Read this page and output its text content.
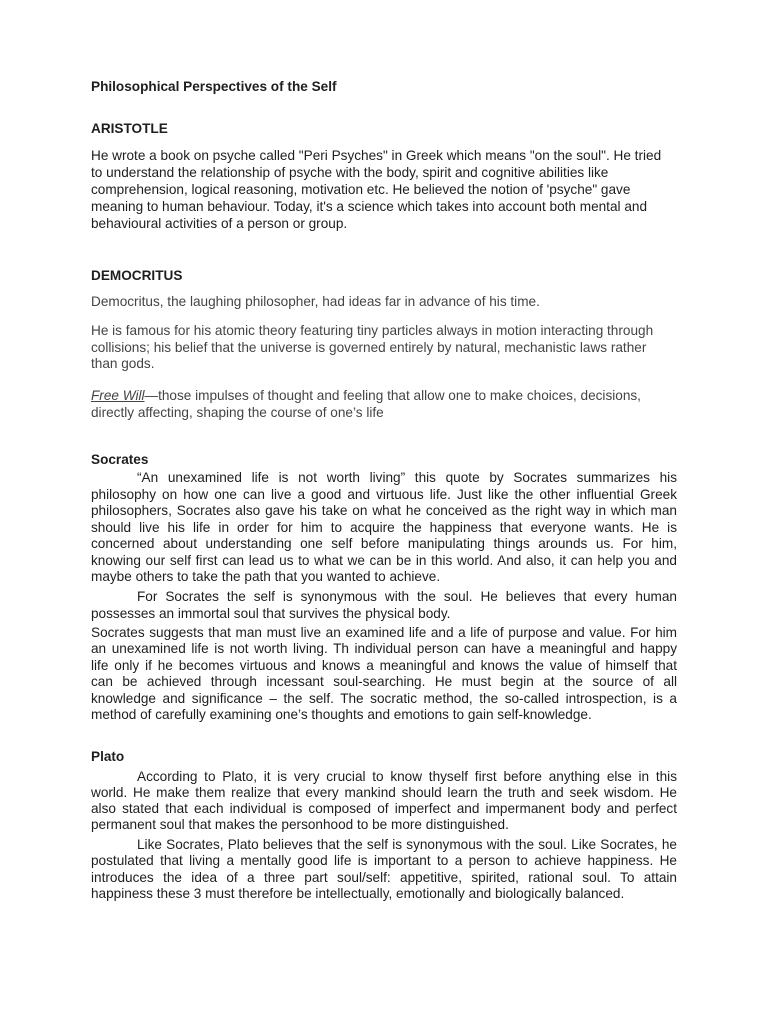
Philosophical Perspectives of the Self
ARISTOTLE
He wrote a book on psyche called "Peri Psyches" in Greek which means "on the soul". He tried
to understand the relationship of psyche with the body, spirit and cognitive abilities like
comprehension, logical reasoning, motivation etc. He believed the notion of 'psyche" gave
meaning to human behaviour. Today, it's a science which takes into account both mental and
behavioural activities of a person or group.
DEMOCRITUS
Democritus, the laughing philosopher, had ideas far in advance of his time.
He is famous for his atomic theory featuring tiny particles always in motion interacting through
collisions; his belief that the universe is governed entirely by natural, mechanistic laws rather
than gods.
Free Will—those impulses of thought and feeling that allow one to make choices, decisions,
directly affecting, shaping the course of one’s life
Socrates
“An unexamined life is not worth living” this quote by Socrates summarizes his
philosophy on how one can live a good and virtuous life. Just like the other influential Greek
philosophers, Socrates also gave his take on what he conceived as the right way in which man
should live his life in order for him to acquire the happiness that everyone wants. He is
concerned about understanding one self before manipulating things arounds us. For him,
knowing our self first can lead us to what we can be in this world. And also, it can help you and
maybe others to take the path that you wanted to achieve.
For Socrates the self is synonymous with the soul. He believes that every human
possesses an immortal soul that survives the physical body.
Socrates suggests that man must live an examined life and a life of purpose and value. For him
an unexamined life is not worth living. Th individual person can have a meaningful and happy
life only if he becomes virtuous and knows a meaningful and knows the value of himself that
can be achieved through incessant soul-searching. He must begin at the source of all
knowledge and significance – the self. The socratic method, the so-called introspection, is a
method of carefully examining one’s thoughts and emotions to gain self-knowledge.
Plato
According to Plato, it is very crucial to know thyself first before anything else in this
world. He make them realize that every mankind should learn the truth and seek wisdom. He
also stated that each individual is composed of imperfect and impermanent body and perfect
permanent soul that makes the personhood to be more distinguished.
Like Socrates, Plato believes that the self is synonymous with the soul. Like Socrates, he
postulated that living a mentally good life is important to a person to achieve happiness. He
introduces the idea of a three part soul/self: appetitive, spirited, rational soul. To attain
happiness these 3 must therefore be intellectually, emotionally and biologically balanced.
